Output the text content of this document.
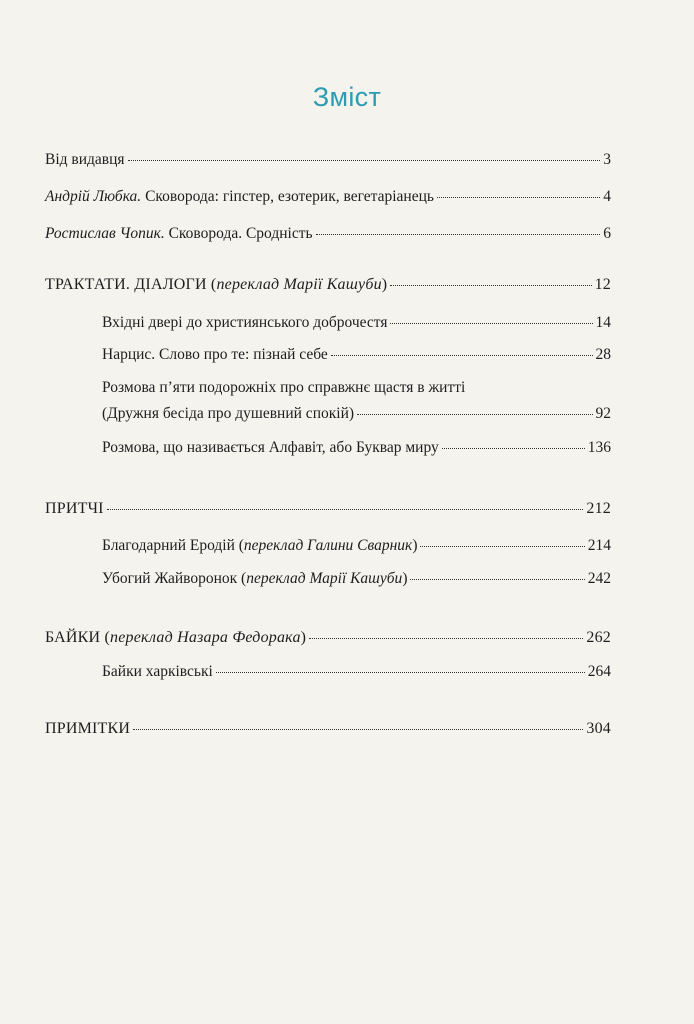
Зміст
Від видавця	3
Андрій Любка. Сковорода: гіпстер, езотерик, вегетаріанець	4
Ростислав Чопик. Сковорода. Сродність	6
ТРАКТАТИ. ДІАЛОГИ (переклад Марії Кашуби)	12
Вхідні двері до християнського доброчестя	14
Нарцис. Слово про те: пізнай себе	28
Розмова п’яти подорожніх про справжнє щастя в житті
(Дружня бесіда про душевний спокій)	92
Розмова, що називається Алфавіт, або Буквар миру	136
ПРИТЧІ	212
Благодарний Еродій (переклад Галини Сварник)	214
Убогий Жайворонок (переклад Марії Кашуби)	242
БАЙКИ (переклад Назара Федорака)	262
Байки харківські	264
ПРИМІТКИ	304
